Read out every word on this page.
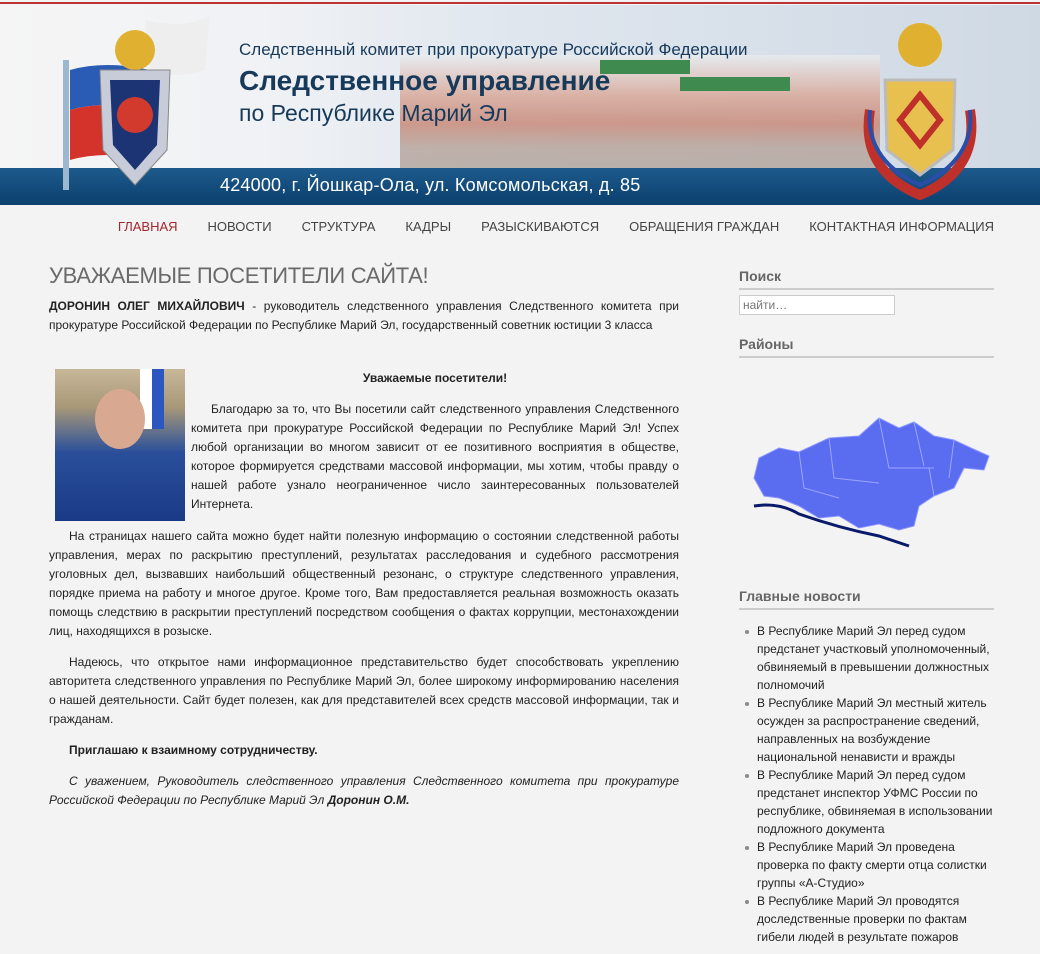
Следственный комитет при прокуратуре Российской Федерации
Следственное управление
по Республике Марий Эл
424000, г. Йошкар-Ола, ул. Комсомольская, д. 85
ГЛАВНАЯ НОВОСТИ СТРУКТУРА КАДРЫ РАЗЫСКИВАЮТСЯ ОБРАЩЕНИЯ ГРАЖДАН КОНТАКТНАЯ ИНФОРМАЦИЯ
УВАЖАЕМЫЕ ПОСЕТИТЕЛИ САЙТА!

ДОРОНИН ОЛЕГ МИХАЙЛОВИЧ - руководитель следственного управления Следственного комитета при прокуратуре Российской Федерации по Республике Марий Эл, государственный советник юстиции 3 класса

Уважаемые посетители!

Благодарю за то, что Вы посетили сайт следственного управления Следственного комитета при прокуратуре Российской Федерации по Республике Марий Эл! Успех любой организации во многом зависит от ее позитивного восприятия в обществе, которое формируется средствами массовой информации, мы хотим, чтобы правду о нашей работе узнало неограниченное число заинтересованных пользователей Интернета.

На страницах нашего сайта можно будет найти полезную информацию о состоянии следственной работы управления, мерах по раскрытию преступлений, результатах расследования и судебного рассмотрения уголовных дел, вызвавших наибольший общественный резонанс, о структуре следственного управления, порядке приема на работу и многое другое. Кроме того, Вам предоставляется реальная возможность оказать помощь следствию в раскрытии преступлений посредством сообщения о фактах коррупции, местонахождении лиц, находящихся в розыске.

Надеюсь, что открытое нами информационное представительство будет способствовать укреплению авторитета следственного управления по Республике Марий Эл, более широкому информированию населения о нашей деятельности. Сайт будет полезен, как для представителей всех средств массовой информации, так и гражданам.

Приглашаю к взаимному сотрудничеству.

С уважением, Руководитель следственного управления Следственного комитета при прокуратуре Российской Федерации по Республике Марий Эл Доронин О.М.

Поиск
найти…
Районы
Главные новости
В Республике Марий Эл перед судом предстанет участковый уполномоченный, обвиняемый в превышении должностных полномочий
В Республике Марий Эл местный житель осужден за распространение сведений, направленных на возбуждение национальной ненависти и вражды
В Республике Марий Эл перед судом предстанет инспектор УФМС России по республике, обвиняемая в использовании подложного документа
В Республике Марий Эл проведена проверка по факту смерти отца солистки группы «А-Студио»
В Республике Марий Эл проводятся доследственные проверки по фактам гибели людей в результате пожаров
